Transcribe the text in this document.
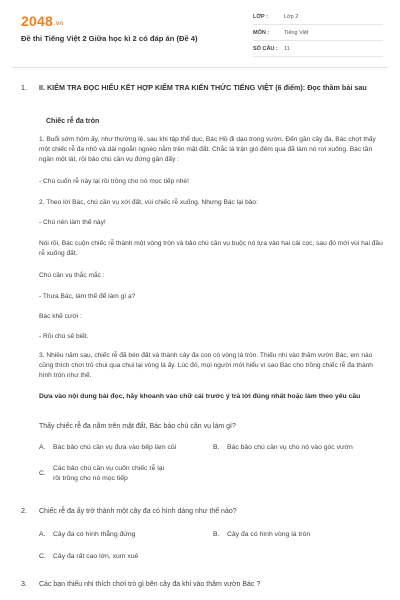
2048.vn
Đề thi Tiếng Việt 2 Giữa học kì 2 có đáp án (Đề 4)
LỚP :	Lớp 2
MÔN :	Tiếng Việt
SỐ CÂU : 11
1. II. KIỂM TRA ĐỌC HIỂU KẾT HỢP KIỂM TRA KIẾN THỨC TIẾNG VIỆT (6 điểm): Đọc thầm bài sau
Chiếc rễ đa tròn
1. Buổi sớm hôm ấy, như thường lệ, sau khi tập thể dục, Bác Hồ đi dạo trong vườn. Đến gần cây đa, Bác chợt thấy một chiếc rễ đa nhỏ và dài ngoằn ngoèo nằm trên mặt đất. Chắc là trận gió đêm qua đã làm nó rơi xuống. Bác tần ngần một lát, rồi bảo chú cần vụ đứng gần đấy :
- Chú cuốn rễ này lại rồi trồng cho nó mọc tiếp nhé!
2. Theo lời Bác, chú cần vụ xới đất, vùi chiếc rễ xuống. Nhưng Bác lại bảo:
- Chú nên làm thế này!
Nói rồi, Bác cuộn chiếc rễ thành một vòng tròn và bảo chú cần vụ buộc nó tựa vào hai cái cọc, sau đó mới vùi hai đầu rễ xuống đất.
Chú cần vụ thắc mắc :
- Thưa Bác, làm thế để làm gì ạ?
Bác khẽ cười :
- Rồi chú sẽ biết.
3. Nhiều năm sau, chiếc rễ đã bén đất và thành cây đa con có vòng lá tròn. Thiếu nhi vào thăm vườn Bác, em nào cũng thích chơi trò chui qua chui lại vòng lá ấy. Lúc đó, mọi người mới hiểu vì sao Bác cho trồng chiếc rễ đa thành hình tròn như thế.
Dựa vào nội dung bài đọc, hãy khoanh vào chữ cái trước ý trả lời đúng nhất hoặc làm theo yêu cầu
Thấy chiếc rễ đa nằm trên mặt đất, Bác bảo chú cần vụ làm gì?
A. Bác bảo chú cần vụ đưa vào bếp làm củi	B. Bác bảo chú cần vụ cho nó vào góc vườn
C.
Các bảo chú cần vụ cuốn chiếc rễ lại rồi trồng cho nó mọc tiếp
2. Chiếc rễ đa ấy trở thành một cây đa có hình dáng như thế nào?
A. Cây đa có hình thẳng đứng	B. Cây đa có hình vòng lá tròn
C. Cây đa rất cao lớn, xum xuê
3. Các bạn thiếu nhi thích chơi trò gì bên cây đa khi vào thăm vườn Bác ?
